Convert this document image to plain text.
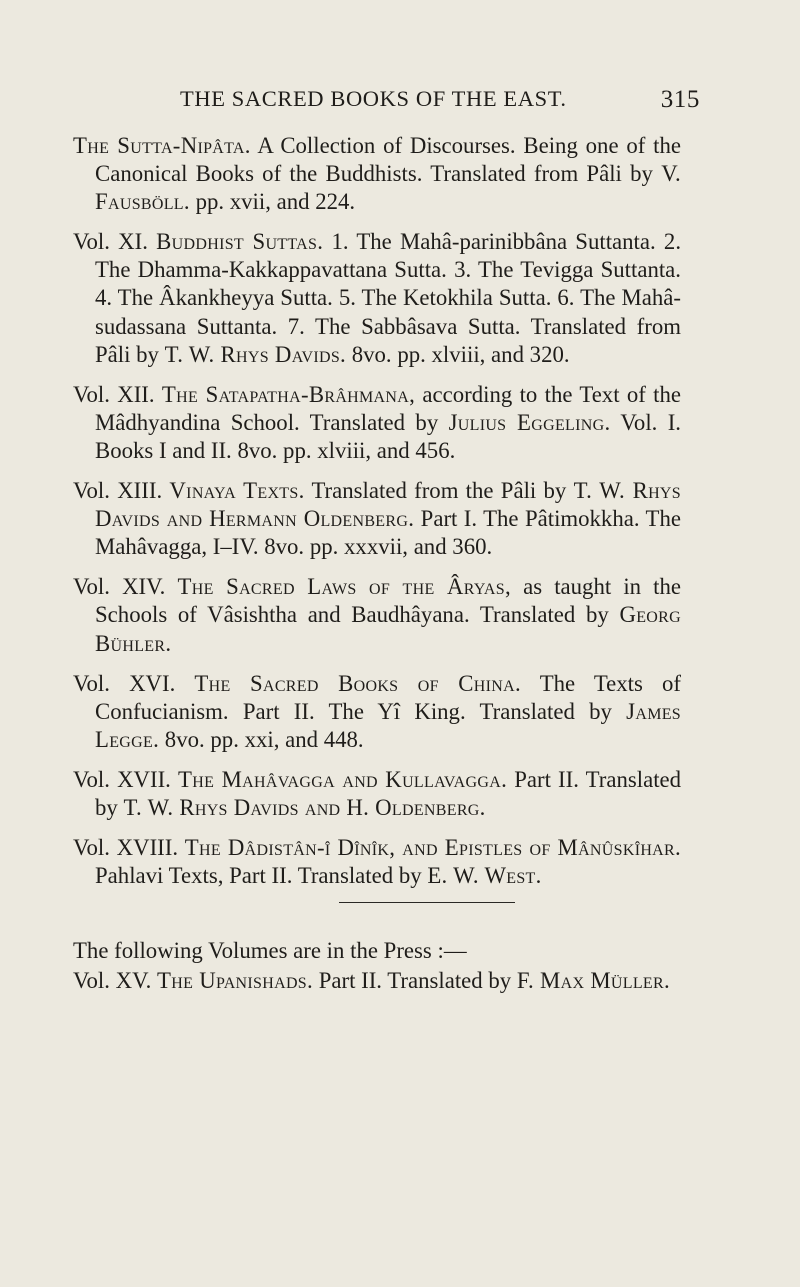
THE SACRED BOOKS OF THE EAST.	315

The Sutta-Nipâta. A Collection of Discourses. Being one of the Canonical Books of the Buddhists. Translated from Pâli by V. Fausböll. pp. xvii, and 224.

Vol. XI. Buddhist Suttas. 1. The Mahâ-parinibbâna Suttanta. 2. The Dhamma-Kakkappavattana Sutta. 3. The Tevigga Suttanta. 4. The Âkankheyya Sutta. 5. The Ketokhila Sutta. 6. The Mahâ-sudassana Suttanta. 7. The Sabbâsava Sutta. Translated from Pâli by T. W. Rhys Davids. 8vo. pp. xlviii, and 320.

Vol. XII. The Satapatha-Brâhmana, according to the Text of the Mâdhyandina School. Translated by Julius Eggeling. Vol. I. Books I and II. 8vo. pp. xlviii, and 456.

Vol. XIII. Vinaya Texts. Translated from the Pâli by T. W. Rhys Davids and Hermann Oldenberg. Part I. The Pâtimokkha. The Mahâvagga, I–IV. 8vo. pp. xxxvii, and 360.

Vol. XIV. The Sacred Laws of the Âryas, as taught in the Schools of Vâsishtha and Baudhâyana. Translated by Georg Bühler.

Vol. XVI. The Sacred Books of China. The Texts of Confucianism. Part II. The Yî King. Translated by James Legge. 8vo. pp. xxi, and 448.

Vol. XVII. The Mahâvagga and Kullavagga. Part II. Translated by T. W. Rhys Davids and H. Oldenberg.

Vol. XVIII. The Dâdistân-î Dînîk, and Epistles of Mânûskîhar. Pahlavi Texts, Part II. Translated by E. W. West.

The following Volumes are in the Press :—

Vol. XV. The Upanishads. Part II. Translated by F. Max Müller.
